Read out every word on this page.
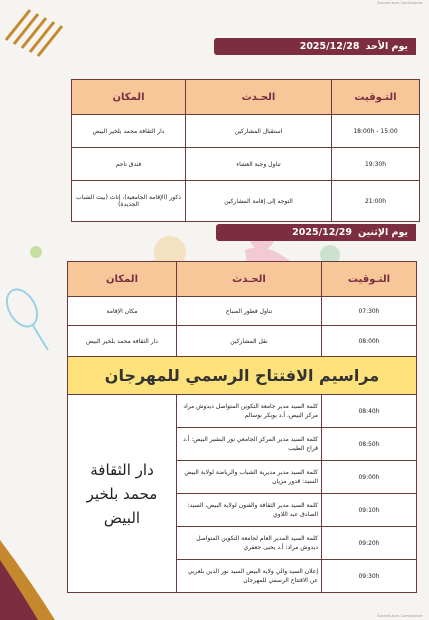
Scanné avec CamScanner
يوم الأحد
2025/12/28
التـوقيت	الحـدث	المكان
15:00 - 18:00h	استقبال المشاركين	دار الثقافة محمد بلخير البيض
19:30h	تناول وجبة العشاء	فندق ناجم
21:00h	التوجه إلى إقامة المشاركين	ذكور (الإقامة الجامعية)، إناث (بيت الشباب الجديدة)
يوم الإثنين
2025/12/29
التـوقيت	الحـدث	المكان
07:30h	تناول فطور الصباح	مكان الإقامة
08:00h	نقل المشاركين	دار الثقافة محمد بلخير البيض
مراسيم الافتتاح الرسمي للمهرجان		
08:40h	كلمة السيد مدير جامعة التكوين المتواصل ديدوش مراد مركز البيض، أ.د بوبكر بوسالم	دار الثقافة محمد بلخير البيض
08:50h	كلمة السيد مدير المركز الجامعي نور البشير البيض: أ.د قراح الطيب	
09:00h	كلمة السيد مدير مديرية الشباب والرياضة لولاية البيض السيد: قدور مزيان	
09:10h	كلمة السيد مدير الثقافة والفنون لولاية البيض، السيد: الصادق عبد اللاوي	
09:20h	كلمة السيد المدير العام لجامعة التكوين المتواصل ديدوش مراد: أ.د يحيى جعفري	
09:30h	إعلان السيد والي ولاية البيض السيد نور الدين بلعربي عن الافتتاح الرسمي للمهرجان	
Scanné avec CamScanner
